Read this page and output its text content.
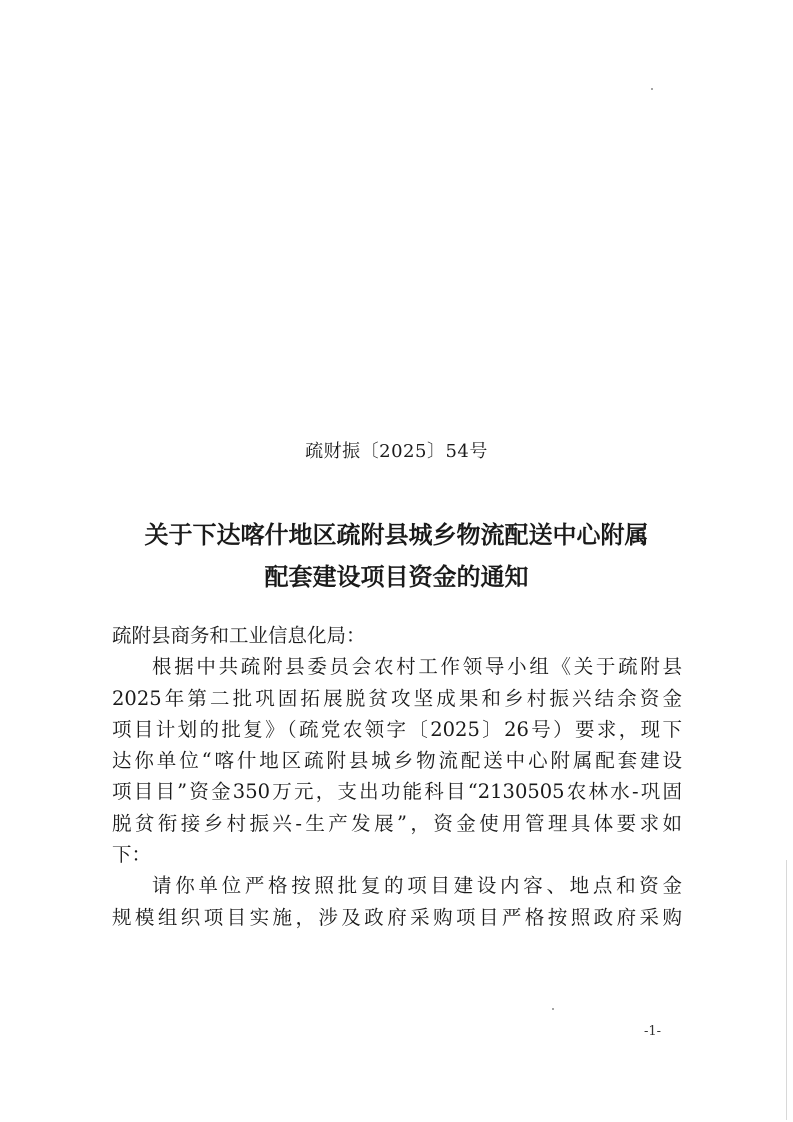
疏财振〔2025〕54号
关于下达喀什地区疏附县城乡物流配送中心附属
配套建设项目资金的通知
疏附县商务和工业信息化局：
根据中共疏附县委员会农村工作领导小组《关于疏附县
2025年第二批巩固拓展脱贫攻坚成果和乡村振兴结余资金
项目计划的批复》（疏党农领字〔2025〕26号）要求，现下
达你单位“喀什地区疏附县城乡物流配送中心附属配套建设
项目目”资金350万元，支出功能科目“2130505农林水-巩固
脱贫衔接乡村振兴-生产发展”，资金使用管理具体要求如
下：
请你单位严格按照批复的项目建设内容、地点和资金
规模组织项目实施，涉及政府采购项目严格按照政府采购
-1-
